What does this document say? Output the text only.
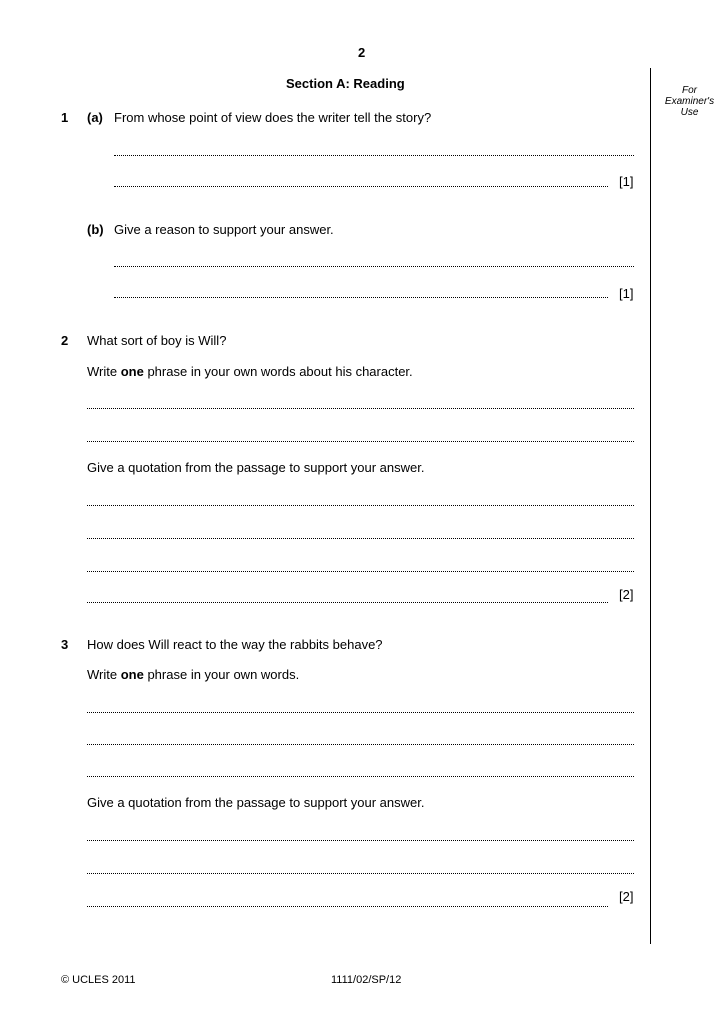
2
Section A: Reading	For
Examiner's
Use
1 (a) From whose point of view does the writer tell the story?
[1]
(b) Give a reason to support your answer.
[1]
2 What sort of boy is Will?
Write one phrase in your own words about his character.
Give a quotation from the passage to support your answer.
[2]
3 How does Will react to the way the rabbits behave?
Write one phrase in your own words.
Give a quotation from the passage to support your answer.
[2]
© UCLES 2011	1111/02/SP/12
